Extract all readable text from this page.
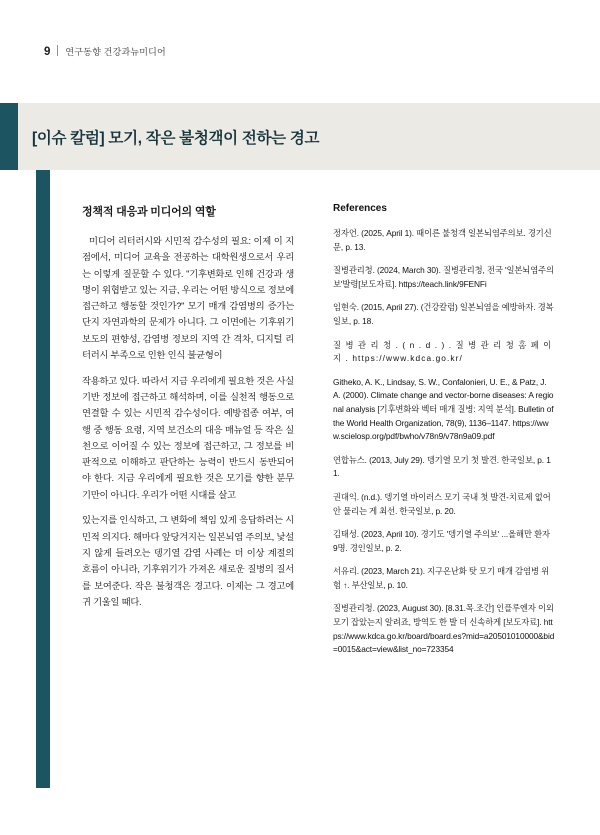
9 연구동향 건강과뉴미디어
[이슈 칼럼] 모기, 작은 불청객이 전하는 경고
정책적 대응과 미디어의 역할

미디어 리터러시와 시민적 감수성의 필요: 이제 이 지점에서, 미디어 교육을 전공하는 대학원생으로서 우리는 이렇게 질문할 수 있다. "기후변화로 인해 건강과 생명이 위협받고 있는 지금, 우리는 어떤 방식으로 정보에 접근하고 행동할 것인가?" 모기 매개 감염병의 증가는 단지 자연과학의 문제가 아니다. 그 이면에는 기후위기 보도의 편향성, 감염병 정보의 지역 간 격차, 디지털 리터러시 부족으로 인한 인식 불균형이

작용하고 있다. 따라서 지금 우리에게 필요한 것은 사실 기반 정보에 접근하고 해석하며, 이를 실천적 행동으로 연결할 수 있는 시민적 감수성이다. 예방접종 여부, 여행 중 행동 요령, 지역 보건소의 대응 매뉴얼 등 작은 실천으로 이어질 수 있는 정보에 접근하고, 그 정보를 비판적으로 이해하고 판단하는 능력이 반드시 동반되어야 한다. 지금 우리에게 필요한 것은 모기를 향한 분무기만이 아니다. 우리가 어떤 시대를 살고

있는지를 인식하고, 그 변화에 책임 있게 응답하려는 시민적 의지다. 해마다 앞당겨지는 일본뇌염 주의보, 낯설지 않게 들려오는 뎅기열 감염 사례는 더 이상 계절의 흐름이 아니라, 기후위기가 가져온 새로운 질병의 질서를 보여준다. 작은 불청객은 경고다. 이제는 그 경고에 귀 기울일 때다.

References
정자언. (2025, April 1). 때이른 불청객 일본뇌염주의보. 경기신문, p. 13.
질병관리청. (2024, March 30). 질병관리청, 전국 '일본뇌염주의보'발령[보도자료]. https://teach.link/9FENFi
임현숙. (2015, April 27). (건강칼럼) 일본뇌염을 예방하자. 경복일보, p. 18.
질 병 관 리 청 . ( n . d . ) . 질 병 관 리 청 홈 페 이 지 . https://www.kdca.go.kr/
Githeko, A. K., Lindsay, S. W., Confalonieri, U. E., & Patz, J. A. (2000). Climate change and vector-borne diseases: A regional analysis [기후변화와 벡터 매개 질병: 지역 분석]. Bulletin of the World Health Organization, 78(9), 1136–1147. https://www.scielosp.org/pdf/bwho/v78n9/v78n9a09.pdf
연합뉴스. (2013, July 29). 뎅기열 모기 첫 발견. 한국일보, p. 11.
권대익. (n.d.). 뎅기열 바이러스 모기 국내 첫 발견-치료제 없어 안 물리는 게 최선. 한국일보, p. 20.
김태성. (2023, April 10). 경기도 '뎅기열 주의보' ...올해만 환자 9명. 경인일보, p. 2.
서유리. (2023, March 21). 지구온난화 탓 모기 매개 감염병 위험 ↑. 부산일보, p. 10.
질병관리청. (2023, August 30). [8.31.목.조간] 인플루엔자 이외 모기 잡았는지 알려죠, 방역도 한 발 더 신속하게 [보도자료]. https://www.kdca.go.kr/board/board.es?mid=a20501010000&bid=0015&act=view&list_no=723354
